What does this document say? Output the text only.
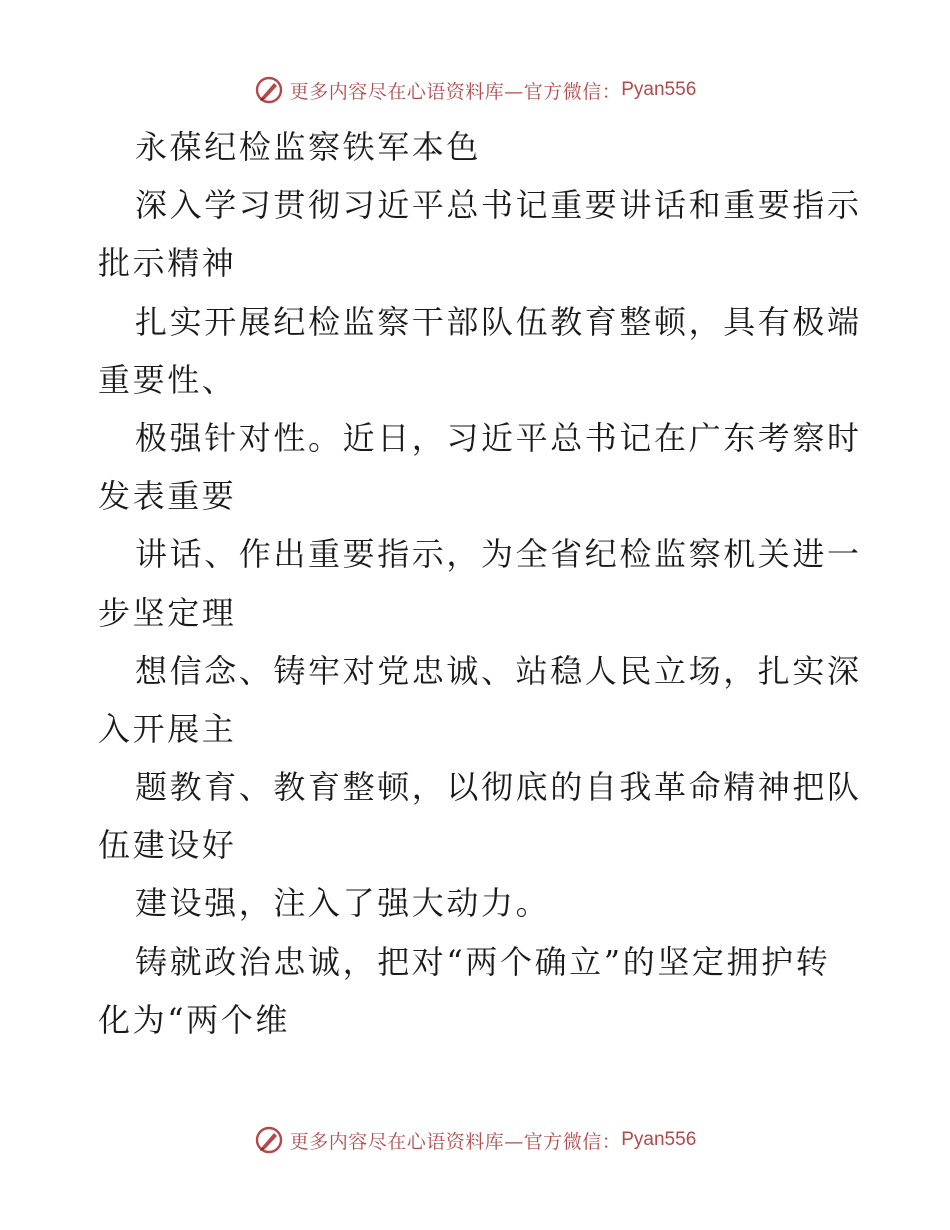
更多内容尽在心语资料库—官方微信： Pyan556
永葆纪检监察铁军本色
深入学习贯彻习近平总书记重要讲话和重要指示
批示精神
扎实开展纪检监察干部队伍教育整顿，具有极端
重要性、
极强针对性。近日，习近平总书记在广东考察时
发表重要
讲话、作出重要指示，为全省纪检监察机关进一
步坚定理
想信念、铸牢对党忠诚、站稳人民立场，扎实深
入开展主
题教育、教育整顿，以彻底的自我革命精神把队
伍建设好
建设强，注入了强大动力。
铸就政治忠诚，把对“两个确立”的坚定拥护转
化为“两个维
更多内容尽在心语资料库—官方微信： Pyan556
